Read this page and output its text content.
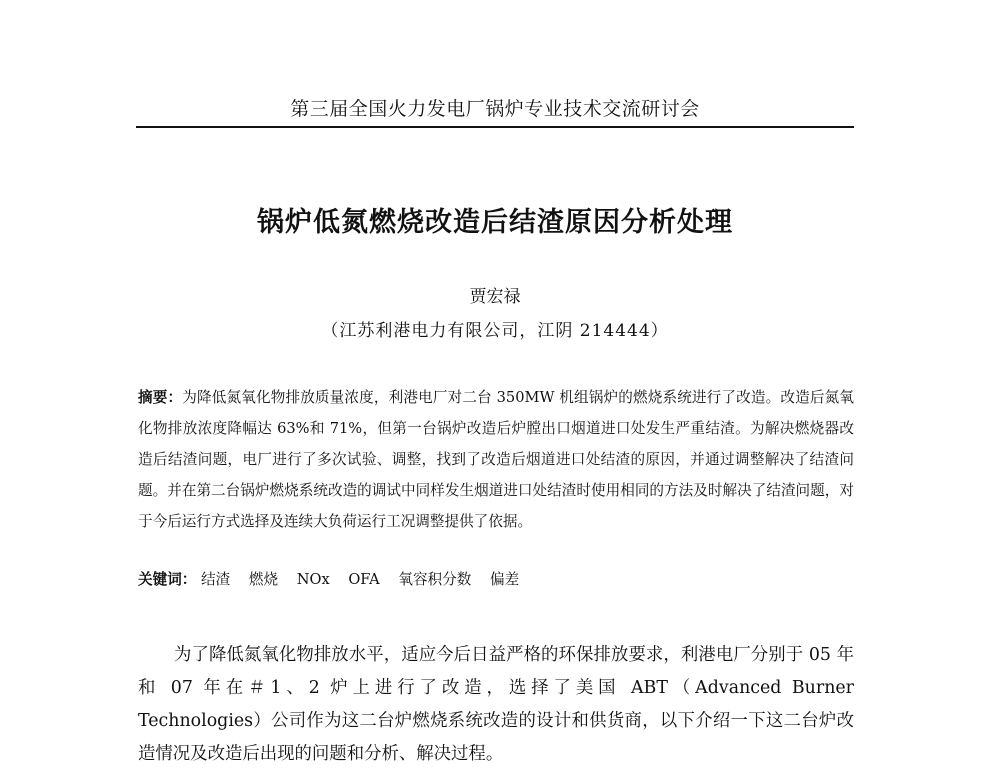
第三届全国火力发电厂锅炉专业技术交流研讨会
锅炉低氮燃烧改造后结渣原因分析处理
贾宏禄
（江苏利港电力有限公司，江阴 214444）
摘要：为降低氮氧化物排放质量浓度，利港电厂对二台 350MW 机组锅炉的燃烧系统进行了改造。改造后氮氧化物排放浓度降幅达 63%和 71%，但第一台锅炉改造后炉膛出口烟道进口处发生严重结渣。为解决燃烧器改造后结渣问题，电厂进行了多次试验、调整，找到了改造后烟道进口处结渣的原因，并通过调整解决了结渣问题。并在第二台锅炉燃烧系统改造的调试中同样发生烟道进口处结渣时使用相同的方法及时解决了结渣问题，对于今后运行方式选择及连续大负荷运行工况调整提供了依据。
关键词： 结渣 燃烧 NOx OFA 氧容积分数 偏差

为了降低氮氧化物排放水平，适应今后日益严格的环保排放要求，利港电厂分别于 05 年和 07 年在＃1、2 炉上进行了改造，选择了美国 ABT（Advanced Burner Technologies）公司作为这二台炉燃烧系统改造的设计和供货商，以下介绍一下这二台炉改造情况及改造后出现的问题和分析、解决过程。
